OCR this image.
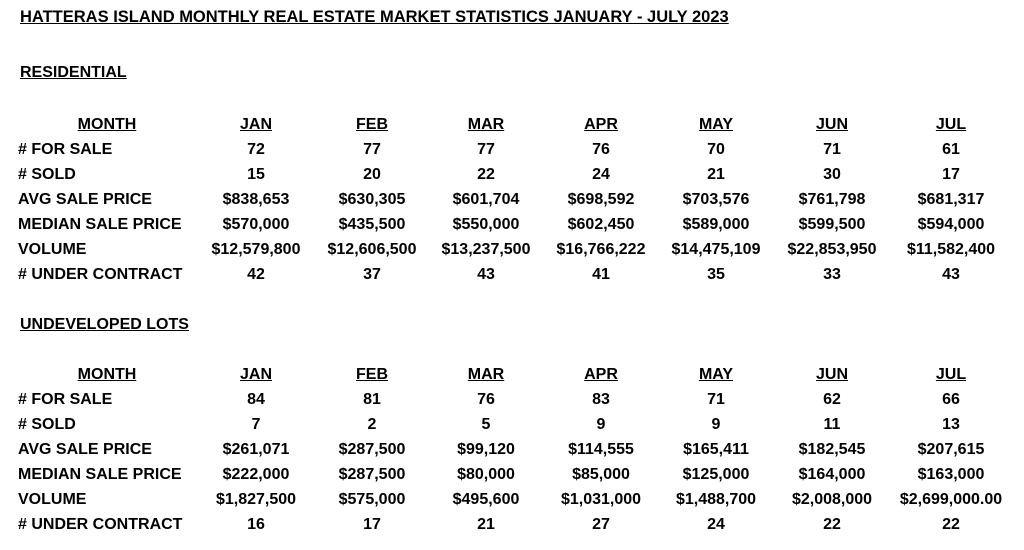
HATTERAS ISLAND MONTHLY REAL ESTATE MARKET STATISTICS JANUARY - JULY 2023
RESIDENTIAL
MONTH	JAN	FEB	MAR	APR	MAY	JUN	JUL
# FOR SALE	72	77	77	76	70	71	61
# SOLD	15	20	22	24	21	30	17
AVG SALE PRICE	$838,653	$630,305	$601,704	$698,592	$703,576	$761,798	$681,317
MEDIAN SALE PRICE	$570,000	$435,500	$550,000	$602,450	$589,000	$599,500	$594,000
VOLUME	$12,579,800	$12,606,500	$13,237,500	$16,766,222	$14,475,109	$22,853,950	$11,582,400
# UNDER CONTRACT	42	37	43	41	35	33	43
UNDEVELOPED LOTS
MONTH	JAN	FEB	MAR	APR	MAY	JUN	JUL
# FOR SALE	84	81	76	83	71	62	66
# SOLD	7	2	5	9	9	11	13
AVG SALE PRICE	$261,071	$287,500	$99,120	$114,555	$165,411	$182,545	$207,615
MEDIAN SALE PRICE	$222,000	$287,500	$80,000	$85,000	$125,000	$164,000	$163,000
VOLUME	$1,827,500	$575,000	$495,600	$1,031,000	$1,488,700	$2,008,000	$2,699,000.00
# UNDER CONTRACT	16	17	21	27	24	22	22
